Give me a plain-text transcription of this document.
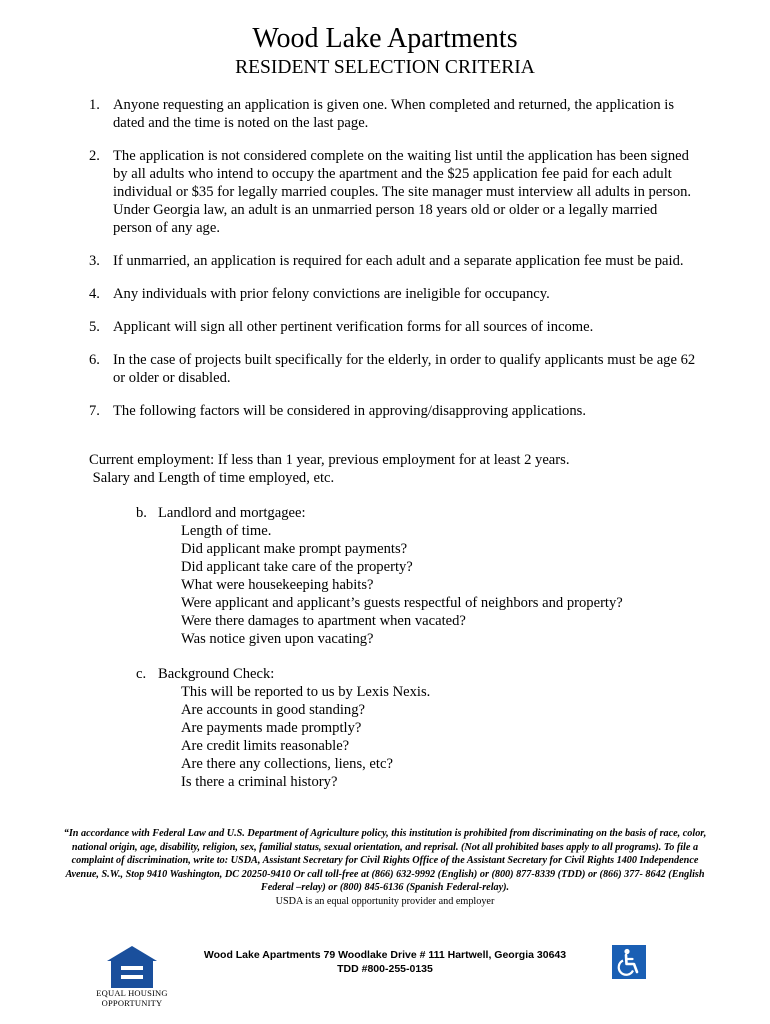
Wood Lake Apartments
RESIDENT SELECTION CRITERIA
1. Anyone requesting an application is given one. When completed and returned, the application is dated and the time is noted on the last page.
2. The application is not considered complete on the waiting list until the application has been signed by all adults who intend to occupy the apartment and the $25 application fee paid for each adult individual or $35 for legally married couples. The site manager must interview all adults in person. Under Georgia law, an adult is an unmarried person 18 years old or older or a legally married person of any age.
3. If unmarried, an application is required for each adult and a separate application fee must be paid.
4. Any individuals with prior felony convictions are ineligible for occupancy.
5. Applicant will sign all other pertinent verification forms for all sources of income.
6. In the case of projects built specifically for the elderly, in order to qualify applicants must be age 62 or older or disabled.
7. The following factors will be considered in approving/disapproving applications.

Current employment: If less than 1 year, previous employment for at least 2 years.

Salary and Length of time employed, etc.

b. Landlord and mortgagee:
Length of time.
Did applicant make prompt payments?
Did applicant take care of the property?
What were housekeeping habits?
Were applicant and applicant’s guests respectful of neighbors and property?
Were there damages to apartment when vacated?
Was notice given upon vacating?
c. Background Check:
This will be reported to us by Lexis Nexis.
Are accounts in good standing?
Are payments made promptly?
Are credit limits reasonable?
Are there any collections, liens, etc?
Is there a criminal history?
“In accordance with Federal Law and U.S. Department of Agriculture policy, this institution is prohibited from discriminating on the basis of race, color, national origin, age, disability, religion, sex, familial status, sexual orientation, and reprisal. (Not all prohibited bases apply to all programs). To file a complaint of discrimination, write to: USDA, Assistant Secretary for Civil Rights Office of the Assistant Secretary for Civil Rights 1400 Independence Avenue, S.W., Stop 9410 Washington, DC 20250-9410 Or call toll-free at (866) 632-9992 (English) or (800) 877-8339 (TDD) or (866) 377- 8642 (English Federal –relay) or (800) 845-6136 (Spanish Federal-relay).
USDA is an equal opportunity provider and employer
Wood Lake Apartments 79 Woodlake Drive # 111 Hartwell, Georgia 30643
TDD #800-255-0135
EQUAL HOUSING
OPPORTUNITY
